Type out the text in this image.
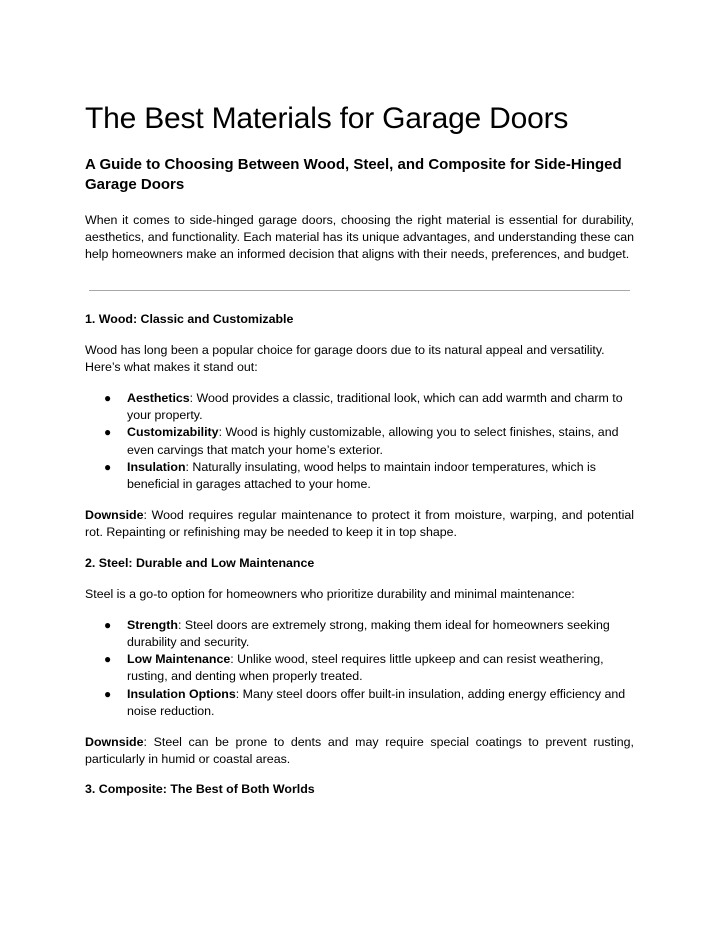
The Best Materials for Garage Doors
A Guide to Choosing Between Wood, Steel, and Composite for Side-Hinged Garage Doors

When it comes to side-hinged garage doors, choosing the right material is essential for durability, aesthetics, and functionality. Each material has its unique advantages, and understanding these can help homeowners make an informed decision that aligns with their needs, preferences, and budget.

1. Wood: Classic and Customizable

Wood has long been a popular choice for garage doors due to its natural appeal and versatility. Here’s what makes it stand out:

● Aesthetics: Wood provides a classic, traditional look, which can add warmth and charm to your property.
● Customizability: Wood is highly customizable, allowing you to select finishes, stains, and even carvings that match your home’s exterior.
● Insulation: Naturally insulating, wood helps to maintain indoor temperatures, which is beneficial in garages attached to your home.

Downside: Wood requires regular maintenance to protect it from moisture, warping, and potential rot. Repainting or refinishing may be needed to keep it in top shape.

2. Steel: Durable and Low Maintenance

Steel is a go-to option for homeowners who prioritize durability and minimal maintenance:

● Strength: Steel doors are extremely strong, making them ideal for homeowners seeking durability and security.
● Low Maintenance: Unlike wood, steel requires little upkeep and can resist weathering, rusting, and denting when properly treated.
● Insulation Options: Many steel doors offer built-in insulation, adding energy efficiency and noise reduction.

Downside: Steel can be prone to dents and may require special coatings to prevent rusting, particularly in humid or coastal areas.

3. Composite: The Best of Both Worlds
